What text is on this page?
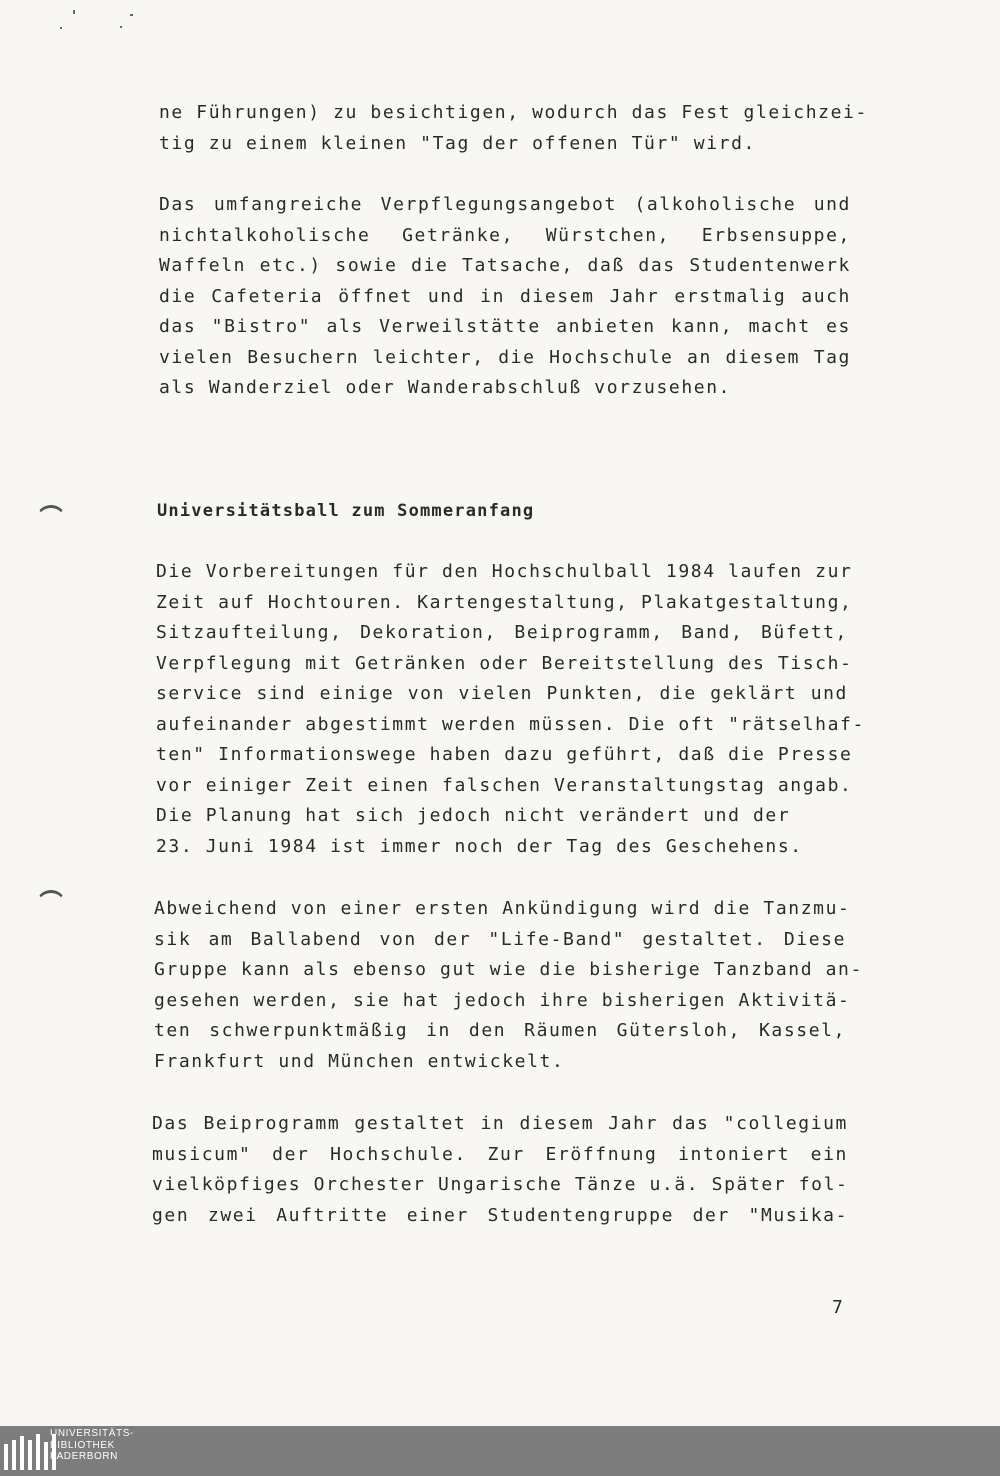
ne Führungen) zu besichtigen, wodurch das Fest gleichzei-
tig zu einem kleinen "Tag der offenen Tür" wird.
Das umfangreiche Verpflegungsangebot (alkoholische und
nichtalkoholische Getränke, Würstchen, Erbsensuppe,
Waffeln etc.) sowie die Tatsache, daß das Studentenwerk
die Cafeteria öffnet und in diesem Jahr erstmalig auch
das "Bistro" als Verweilstätte anbieten kann, macht es
vielen Besuchern leichter, die Hochschule an diesem Tag
als Wanderziel oder Wanderabschluß vorzusehen.
Universitätsball zum Sommeranfang
Die Vorbereitungen für den Hochschulball 1984 laufen zur
Zeit auf Hochtouren. Kartengestaltung, Plakatgestaltung,
Sitzaufteilung, Dekoration, Beiprogramm, Band, Büfett,
Verpflegung mit Getränken oder Bereitstellung des Tisch-
service sind einige von vielen Punkten, die geklärt und
aufeinander abgestimmt werden müssen. Die oft "rätselhaf-
ten" Informationswege haben dazu geführt, daß die Presse
vor einiger Zeit einen falschen Veranstaltungstag angab.
Die Planung hat sich jedoch nicht verändert und der
23. Juni 1984 ist immer noch der Tag des Geschehens.
Abweichend von einer ersten Ankündigung wird die Tanzmu-
sik am Ballabend von der "Life-Band" gestaltet. Diese
Gruppe kann als ebenso gut wie die bisherige Tanzband an-
gesehen werden, sie hat jedoch ihre bisherigen Aktivitä-
ten schwerpunktmäßig in den Räumen Gütersloh, Kassel,
Frankfurt und München entwickelt.
Das Beiprogramm gestaltet in diesem Jahr das "collegium
musicum" der Hochschule. Zur Eröffnung intoniert ein
vielköpfiges Orchester Ungarische Tänze u.ä. Später fol-
gen zwei Auftritte einer Studentengruppe der "Musika-
7
UNIVERSITÄTS-
BIBLIOTHEK
PADERBORN
